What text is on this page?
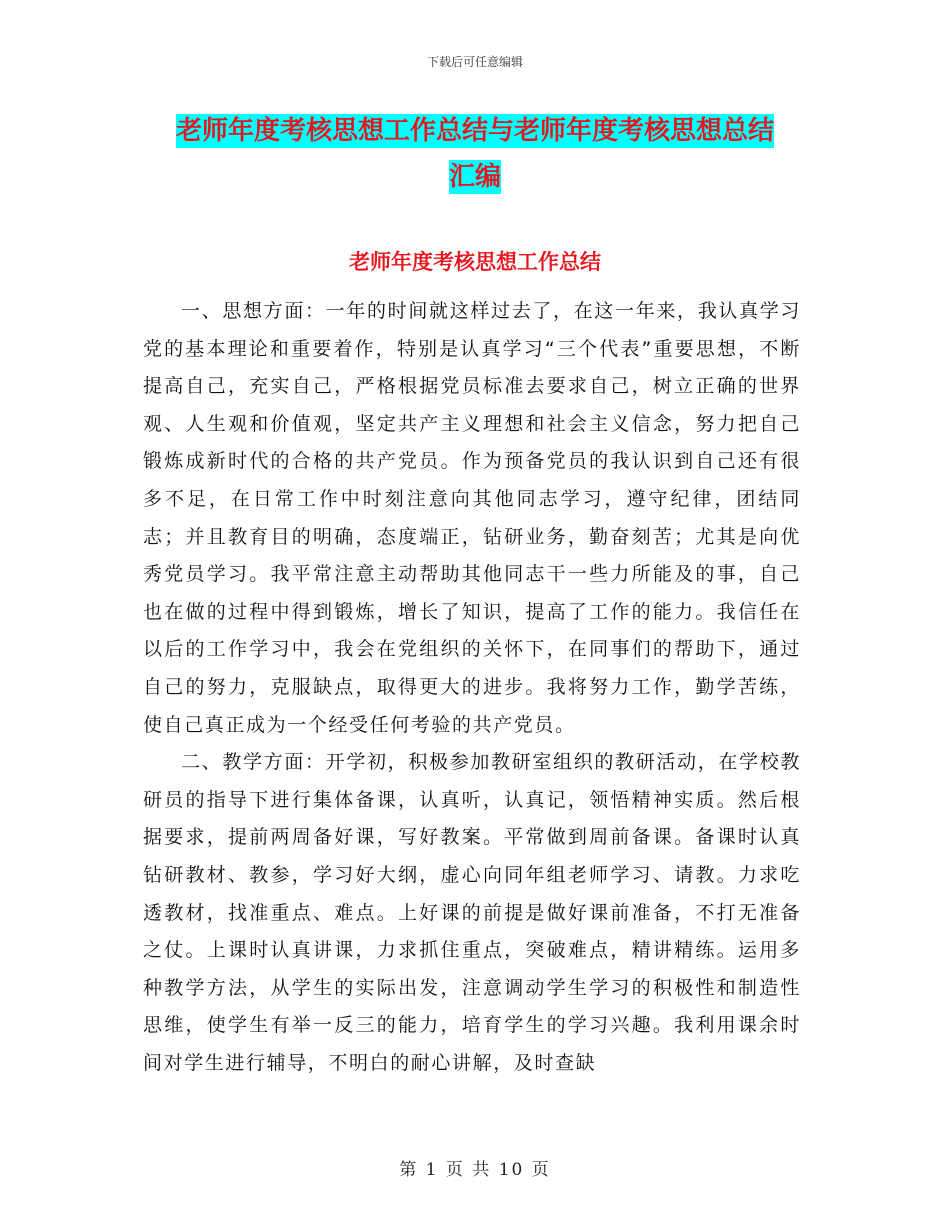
下载后可任意编辑
老师年度考核思想工作总结与老师年度考核思想总结
汇编
老师年度考核思想工作总结

一、思想方面：一年的时间就这样过去了，在这一年来，我认真学习党的基本理论和重要着作，特别是认真学习“三个代表”重要思想，不断提高自己，充实自己，严格根据党员标准去要求自己，树立正确的世界观、人生观和价值观，坚定共产主义理想和社会主义信念，努力把自己锻炼成新时代的合格的共产党员。作为预备党员的我认识到自己还有很多不足，在日常工作中时刻注意向其他同志学习，遵守纪律，团结同志；并且教育目的明确，态度端正，钻研业务，勤奋刻苦；尤其是向优秀党员学习。我平常注意主动帮助其他同志干一些力所能及的事，自己也在做的过程中得到锻炼，增长了知识，提高了工作的能力。我信任在以后的工作学习中，我会在党组织的关怀下，在同事们的帮助下，通过自己的努力，克服缺点，取得更大的进步。我将努力工作，勤学苦练，使自己真正成为一个经受任何考验的共产党员。

二、教学方面：开学初，积极参加教研室组织的教研活动，在学校教研员的指导下进行集体备课，认真听，认真记，领悟精神实质。然后根据要求，提前两周备好课，写好教案。平常做到周前备课。备课时认真钻研教材、教参，学习好大纲，虚心向同年组老师学习、请教。力求吃透教材，找准重点、难点。上好课的前提是做好课前准备，不打无准备之仗。上课时认真讲课，力求抓住重点，突破难点，精讲精练。运用多种教学方法，从学生的实际出发，注意调动学生学习的积极性和制造性思维，使学生有举一反三的能力，培育学生的学习兴趣。我利用课余时间对学生进行辅导，不明白的耐心讲解，及时查缺

第 1 页 共 10 页
